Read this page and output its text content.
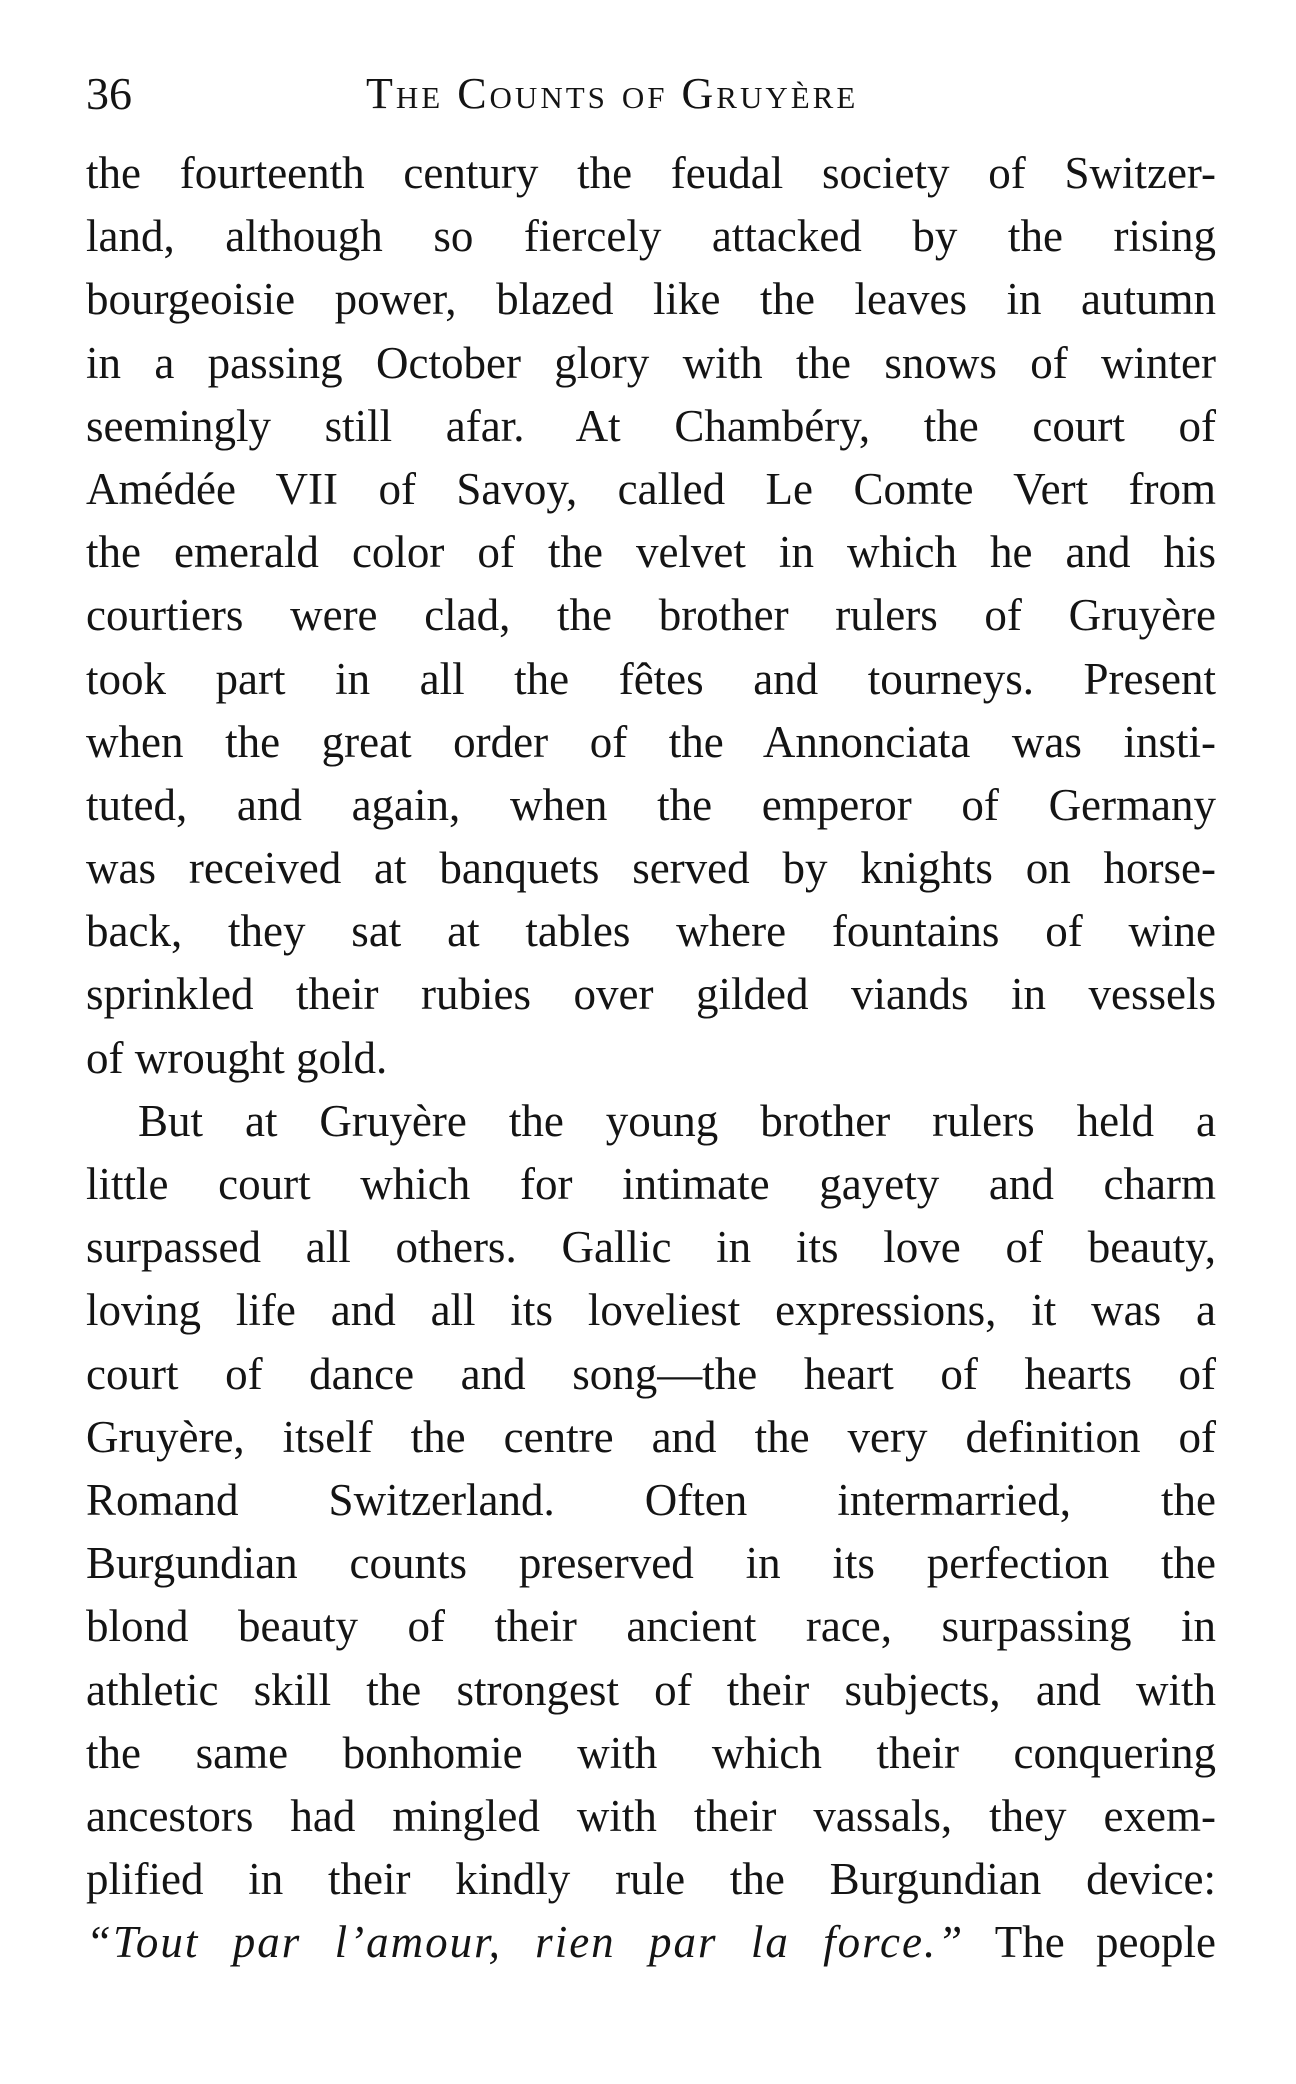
36	The Counts of Gruyère
the fourteenth century the feudal society of Switzer-
land, although so fiercely attacked by the rising
bourgeoisie power, blazed like the leaves in autumn
in a passing October glory with the snows of winter
seemingly still afar. At Chambéry, the court of
Amédée VII of Savoy, called Le Comte Vert from
the emerald color of the velvet in which he and his
courtiers were clad, the brother rulers of Gruyère
took part in all the fêtes and tourneys. Present
when the great order of the Annonciata was insti-
tuted, and again, when the emperor of Germany
was received at banquets served by knights on horse-
back, they sat at tables where fountains of wine
sprinkled their rubies over gilded viands in vessels
of wrought gold.
But at Gruyère the young brother rulers held a
little court which for intimate gayety and charm
surpassed all others. Gallic in its love of beauty,
loving life and all its loveliest expressions, it was a
court of dance and song—the heart of hearts of
Gruyère, itself the centre and the very definition of
Romand Switzerland. Often intermarried, the
Burgundian counts preserved in its perfection the
blond beauty of their ancient race, surpassing in
athletic skill the strongest of their subjects, and with
the same bonhomie with which their conquering
ancestors had mingled with their vassals, they exem-
plified in their kindly rule the Burgundian device:
“Tout par l’amour, rien par la force.” The people
